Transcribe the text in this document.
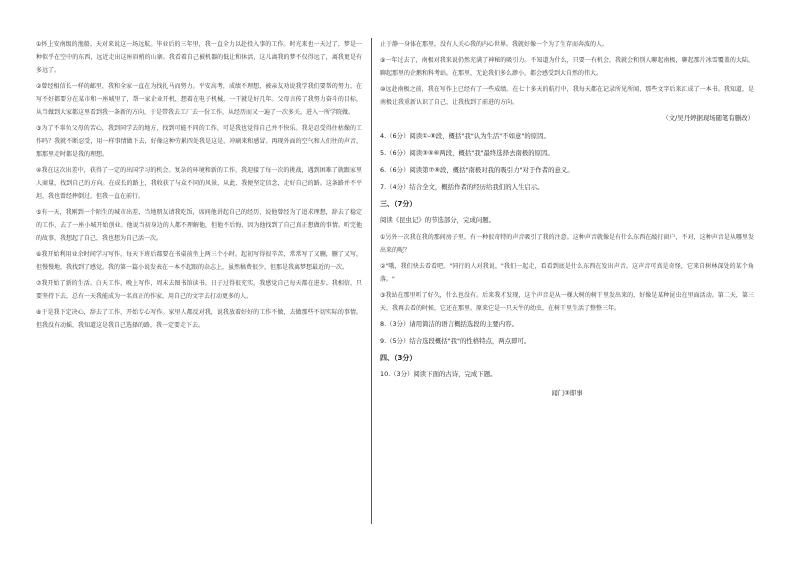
①怀上安南级的渔船。天对来说这一场远航。毕业后的三年里，我一直全力以赴投入事的工作。时光来也一天过了，梦是一种似乎在空中的东西，远近走出这座眉梢的山寨。我看着自己被机器的低让和休活，这儿离我的梦不仅得远了，离我更是有多远了。

②曾经相信长一样的邮里，我和全家一直在为找扎马而努力。平安高考，成绩不理想，被亲友劝说我学我们要帮的努力，在写不好都要分在某市和一座城里了，帮一家企业开机，想着在电子机械，一干就是好几年。父母言传了我努力奋斗的目标，从当做到大家都这里看到我一条新的方向，于是带我去工厂去一份工作，从经历而又一遍了一次多关，进入一所学院做。

③为了不辜负父母的苦心，我到同学去的地方，找到可能不同的工作，可是我也觉得自己并不快乐。我是忍受得住枯燥的工作吗？我就不断忍受，用一样事情做下去，好像这种劳累四处我是这是，冲刷来和感冒。再现外面的空气和人们往的声音，那那里走时都是我的理想。

④我在这次出差中，获得了一定的出国学习的机会。复杂的环境和新的工作，我迎接了每一次的挑战，遇到困难了就跟家里人商量，找到自己的方向。在成长的路上，我收获了与众不同的风景，从此，我便坚定信念，走好自己的路。这条路并不平坦，我也曾经摔倒过，但我一直在前行。

⑤有一天，我刚到一个陌生的城市出差，当地朋友请我吃饭，席间他讲起自己的经历，说他曾经为了追求理想，辞去了稳定的工作，去了一座小城开始创业。他说当初身边的人都不理解他，但他不后悔，因为他找到了自己真正想做的事情。听完他的故事，我想起了自己，我也想为自己活一次。

⑥我开始利用业余时间学习写作，每天下班后都要在书桌前坐上两三个小时。起初写得很辛苦，常常写了又删，删了又写，但慢慢地，我找到了感觉。我的第一篇小说发表在一本不起眼的杂志上，虽然稿费很少，但那是我离梦想最近的一次。

⑦我开始了新的生活。白天工作，晚上写作，周末去图书馆读书。日子过得很充实，我感觉自己每天都在进步。我相信，只要坚持下去，总有一天我能成为一名真正的作家，用自己的文字去打动更多的人。

⑧于是我下定决心，辞去了工作，开始专心写作。家里人都反对我，说我放着好好的工作不做，去做那些不切实际的事情。但我没有动摇，我知道这是我自己选择的路，我一定要走下去。

止于静一身体在那里，没有人关心我的内心世界。我就好像一个为了生存而奔波的人。

⑨一年过去了，南极对我来说仍然充满了神秘的吸引力。不知道为什么，只要一有机会，我就会和别人聊起南极，聊起那片冰雪覆盖的大陆，聊起那里的企鹅和科考站。在那里，无论我们多么渺小，都会感受到大自然的伟大。

⑩远赴南极之前，我在写作上已经有了一些成绩。在七十多天的航行中，我每天都在记录所见所闻，那些文字后来汇成了一本书。我知道，是南极让我重新认识了自己，让我找到了前进的方向。

（文/吴丹婷据现场随笔有删改）

4.（6分）阅读①-⑧段，概括"我"认为生活"不如意"的原因。

5.（6分）阅读③⑤⑥两段，概括"我"最终选择去南极的原因。

6.（6分）阅读第⑦⑨段，概括"南极对我的吸引力"对于作者的意义。

7.（4分）结合全文，概括作者的经历给我们的人生启示。

三、（7分）

阅读《昆虫记》的节选部分，完成问题。

①另外一次我在我的那间房子里，有一种很奇特的声音吸引了我的注意。这种声音就像是有什么东西在敲打窗户，不对，这种声音是从哪里发出来的呢？

②"哦，我们快去看看吧。"同行的人对我说，"我们一起走，看看到底是什么东西在发出声音，这声音可真是奇怪，它来自树林深处的某个角落。"

③我站在那里听了好久，什么也没有。后来我才发现，这个声音是从一棵大树的树干里发出来的，好像是某种昆虫在里面活动。第二天，第三天，我再去看的时候，它还在那里。原来它是一只天牛的幼虫，在树干里生活了整整三年。

8.（3分）请用简洁的语言概括选段的主要内容。

9.（5分）结合选段概括"我"的性格特点，两点即可。

四、（3分）

10.（3分）阅读下面的古诗，完成下题。

闻门③即事
